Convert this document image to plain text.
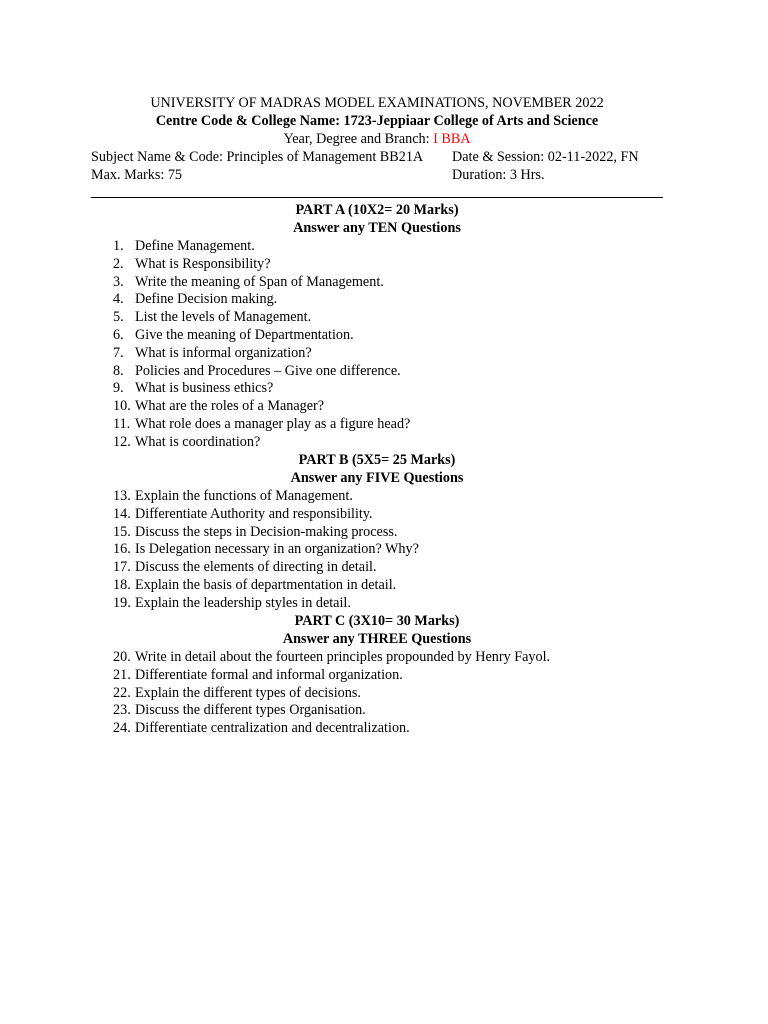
UNIVERSITY OF MADRAS MODEL EXAMINATIONS, NOVEMBER 2022
Centre Code & College Name: 1723-Jeppiaar College of Arts and Science
Year, Degree and Branch: I BBA
Subject Name & Code: Principles of Management BB21A Date & Session: 02-11-2022, FN
Max. Marks: 75	Duration: 3 Hrs.
PART A (10X2= 20 Marks)
Answer any TEN Questions
1. Define Management.
2. What is Responsibility?
3. Write the meaning of Span of Management.
4. Define Decision making.
5. List the levels of Management.
6. Give the meaning of Departmentation.
7. What is informal organization?
8. Policies and Procedures – Give one difference.
9. What is business ethics?
10. What are the roles of a Manager?
11. What role does a manager play as a figure head?
12. What is coordination?
PART B (5X5= 25 Marks)
Answer any FIVE Questions
13. Explain the functions of Management.
14. Differentiate Authority and responsibility.
15. Discuss the steps in Decision-making process.
16. Is Delegation necessary in an organization? Why?
17. Discuss the elements of directing in detail.
18. Explain the basis of departmentation in detail.
19. Explain the leadership styles in detail.
PART C (3X10= 30 Marks)
Answer any THREE Questions
20. Write in detail about the fourteen principles propounded by Henry Fayol.
21. Differentiate formal and informal organization.
22. Explain the different types of decisions.
23. Discuss the different types Organisation.
24. Differentiate centralization and decentralization.
